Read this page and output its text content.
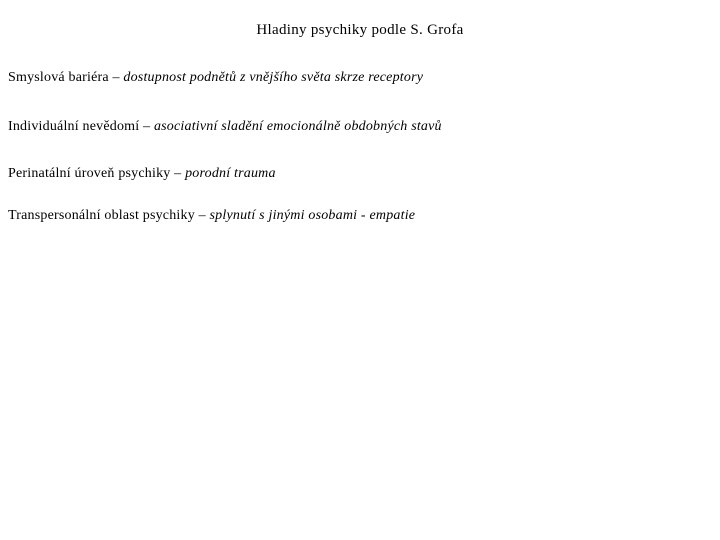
Hladiny psychiky podle S. Grofa
Smyslová bariéra – dostupnost podnětů z vnějšího světa skrze receptory
Individuální nevědomí – asociativní sladění emocionálně obdobných stavů
Perinatální úroveň psychiky – porodní trauma
Transpersonální oblast psychiky – splynutí s jinými osobami - empatie
